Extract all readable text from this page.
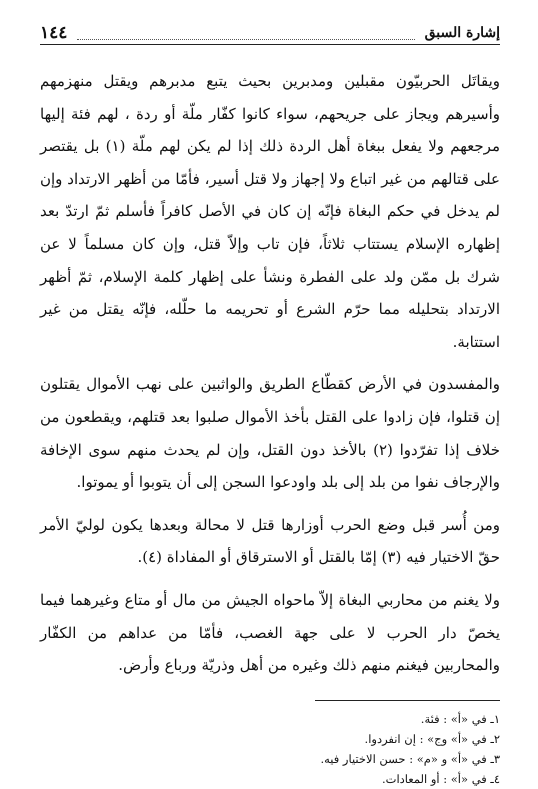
إشارة السبق
١٤٤

ويقاتَل الحربيّون مقبلين ومدبرين بحيث يتبع مدبرهم ويقتل منهزمهم وأسيرهم ويجاز على جريحهم، سواء كانوا كفّار ملّة أو ردة ، لهم فئة إليها مرجعهم ولا يفعل ببغاة أهل الردة ذلك إذا لم يكن لهم ملّة (١) بل يقتصر على قتالهم من غير اتباع ولا إجهاز ولا قتل أسير، فأمّا من أظهر الارتداد وإن لم يدخل في حكم البغاة فإنّه إن كان في الأصل كافراً فأسلم ثمّ ارتدّ بعد إظهاره الإسلام يستتاب ثلاثاً، فإن تاب وإلاّ قتل، وإن كان مسلماً لا عن شرك بل ممّن ولد على الفطرة ونشأ على إظهار كلمة الإسلام، ثمّ أظهر الارتداد بتحليله مما حرّم الشرع أو تحريمه ما حلّله، فإنّه يقتل من غير استتابة.

والمفسدون في الأرض كقطّاع الطريق والواثبين على نهب الأموال يقتلون إن قتلوا، فإن زادوا على القتل بأخذ الأموال صلبوا بعد قتلهم، ويقطعون من خلاف إذا تفرّدوا (٢) بالأخذ دون القتل، وإن لم يحدث منهم سوى الإخافة والإرجاف نفوا من بلد إلى بلد واودعوا السجن إلى أن يتوبوا أو يموتوا.

ومن أُسر قبل وضع الحرب أوزارها قتل لا محالة وبعدها يكون لوليّ الأمر حقّ الاختيار فيه (٣) إمّا بالقتل أو الاسترقاق أو المفاداة (٤).

ولا يغنم من محاربي البغاة إلاّ ماحواه الجيش من مال أو متاع وغيرهما فيما يخصّ دار الحرب لا على جهة الغصب، فأمّا من عداهم من الكفّار والمحاربين فيغنم منهم ذلك وغيره من أهل وذريّة ورباع وأرض.

١ـ في «أ» : فئة.
٢ـ في «أ» وج» : إن انفردوا.
٣ـ في «أ» و «م» : حسن الاختيار فيه.
٤ـ في «أ» : أو المعادات.
